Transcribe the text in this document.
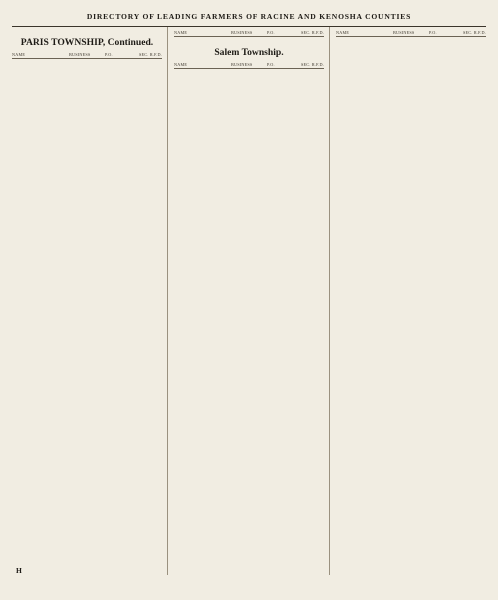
DIRECTORY OF LEADING FARMERS OF RACINE AND KENOSHA COUNTIES
PARIS TOWNSHIP, Continued.
NAME	BUSINESS	P.O.	SEC. R.F.D.
NAME	BUSINESS	P.O.	SEC. R.F.D.
Salem Township.
NAME	BUSINESS	P.O.	SEC. R.F.D.
NAME	BUSINESS	P.O.	SEC. R.F.D.
H
